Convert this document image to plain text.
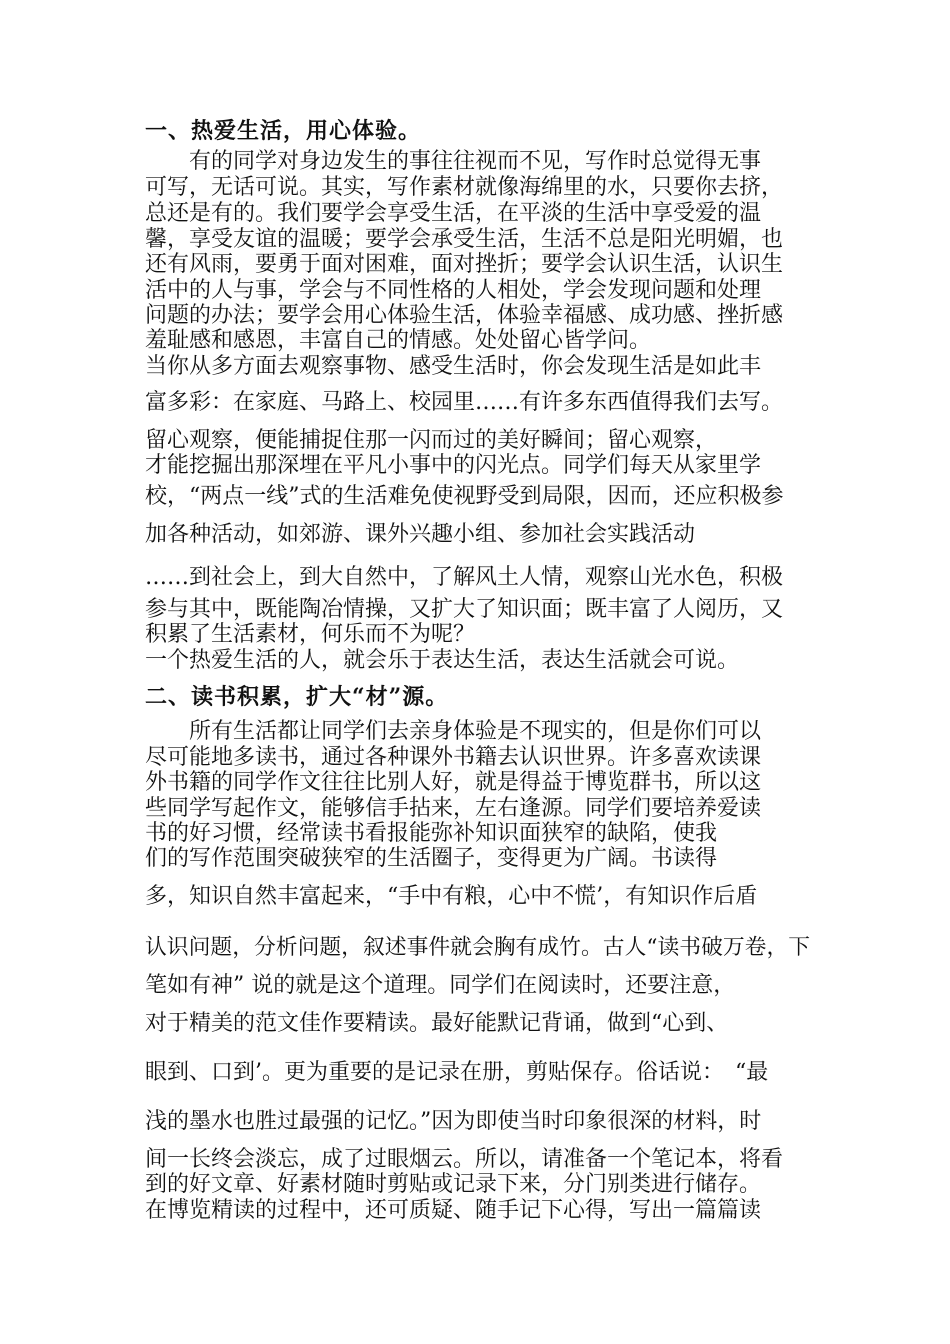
一、热爱生活，用心体验。
　　有的同学对身边发生的事往往视而不见，写作时总觉得无事
可写，无话可说。其实，写作素材就像海绵里的水，只要你去挤，
总还是有的。我们要学会享受生活，在平淡的生活中享受爱的温
馨，享受友谊的温暖；要学会承受生活，生活不总是阳光明媚，也
还有风雨，要勇于面对困难，面对挫折；要学会认识生活，认识生
活中的人与事，学会与不同性格的人相处，学会发现问题和处理
问题的办法；要学会用心体验生活，体验幸福感、成功感、挫折感
羞耻感和感恩，丰富自己的情感。处处留心皆学问。
当你从多方面去观察事物、感受生活时，你会发现生活是如此丰
富多彩：在家庭、马路上、校园里……有许多东西值得我们去写。
留心观察，便能捕捉住那一闪而过的美好瞬间；留心观察，
才能挖掘出那深埋在平凡小事中的闪光点。同学们每天从家里学
校，“两点一线”式的生活难免使视野受到局限，因而，还应积极参
加各种活动，如郊游、课外兴趣小组、参加社会实践活动
……到社会上，到大自然中，了解风土人情，观察山光水色，积极
参与其中，既能陶冶情操，又扩大了知识面；既丰富了人阅历，又
积累了生活素材，何乐而不为呢？
一个热爱生活的人，就会乐于表达生活，表达生活就会可说。
二、读书积累，扩大“材”源。
　　所有生活都让同学们去亲身体验是不现实的，但是你们可以
尽可能地多读书，通过各种课外书籍去认识世界。许多喜欢读课
外书籍的同学作文往往比别人好，就是得益于博览群书，所以这
些同学写起作文，能够信手拈来，左右逢源。同学们要培养爱读
书的好习惯，经常读书看报能弥补知识面狭窄的缺陷，使我
们的写作范围突破狭窄的生活圈子，变得更为广阔。书读得
多，知识自然丰富起来，“手中有粮，心中不慌’，有知识作后盾
认识问题，分析问题，叙述事件就会胸有成竹。古人“读书破万卷，下
笔如有神” 说的就是这个道理。同学们在阅读时，还要注意，
对于精美的范文佳作要精读。最好能默记背诵，做到“心到、
眼到、口到’。更为重要的是记录在册，剪贴保存。俗话说：　“最
浅的墨水也胜过最强的记忆。”因为即使当时印象很深的材料，时
间一长终会淡忘，成了过眼烟云。所以，请准备一个笔记本，将看
到的好文章、好素材随时剪贴或记录下来，分门别类进行储存。
在博览精读的过程中，还可质疑、随手记下心得，写出一篇篇读
